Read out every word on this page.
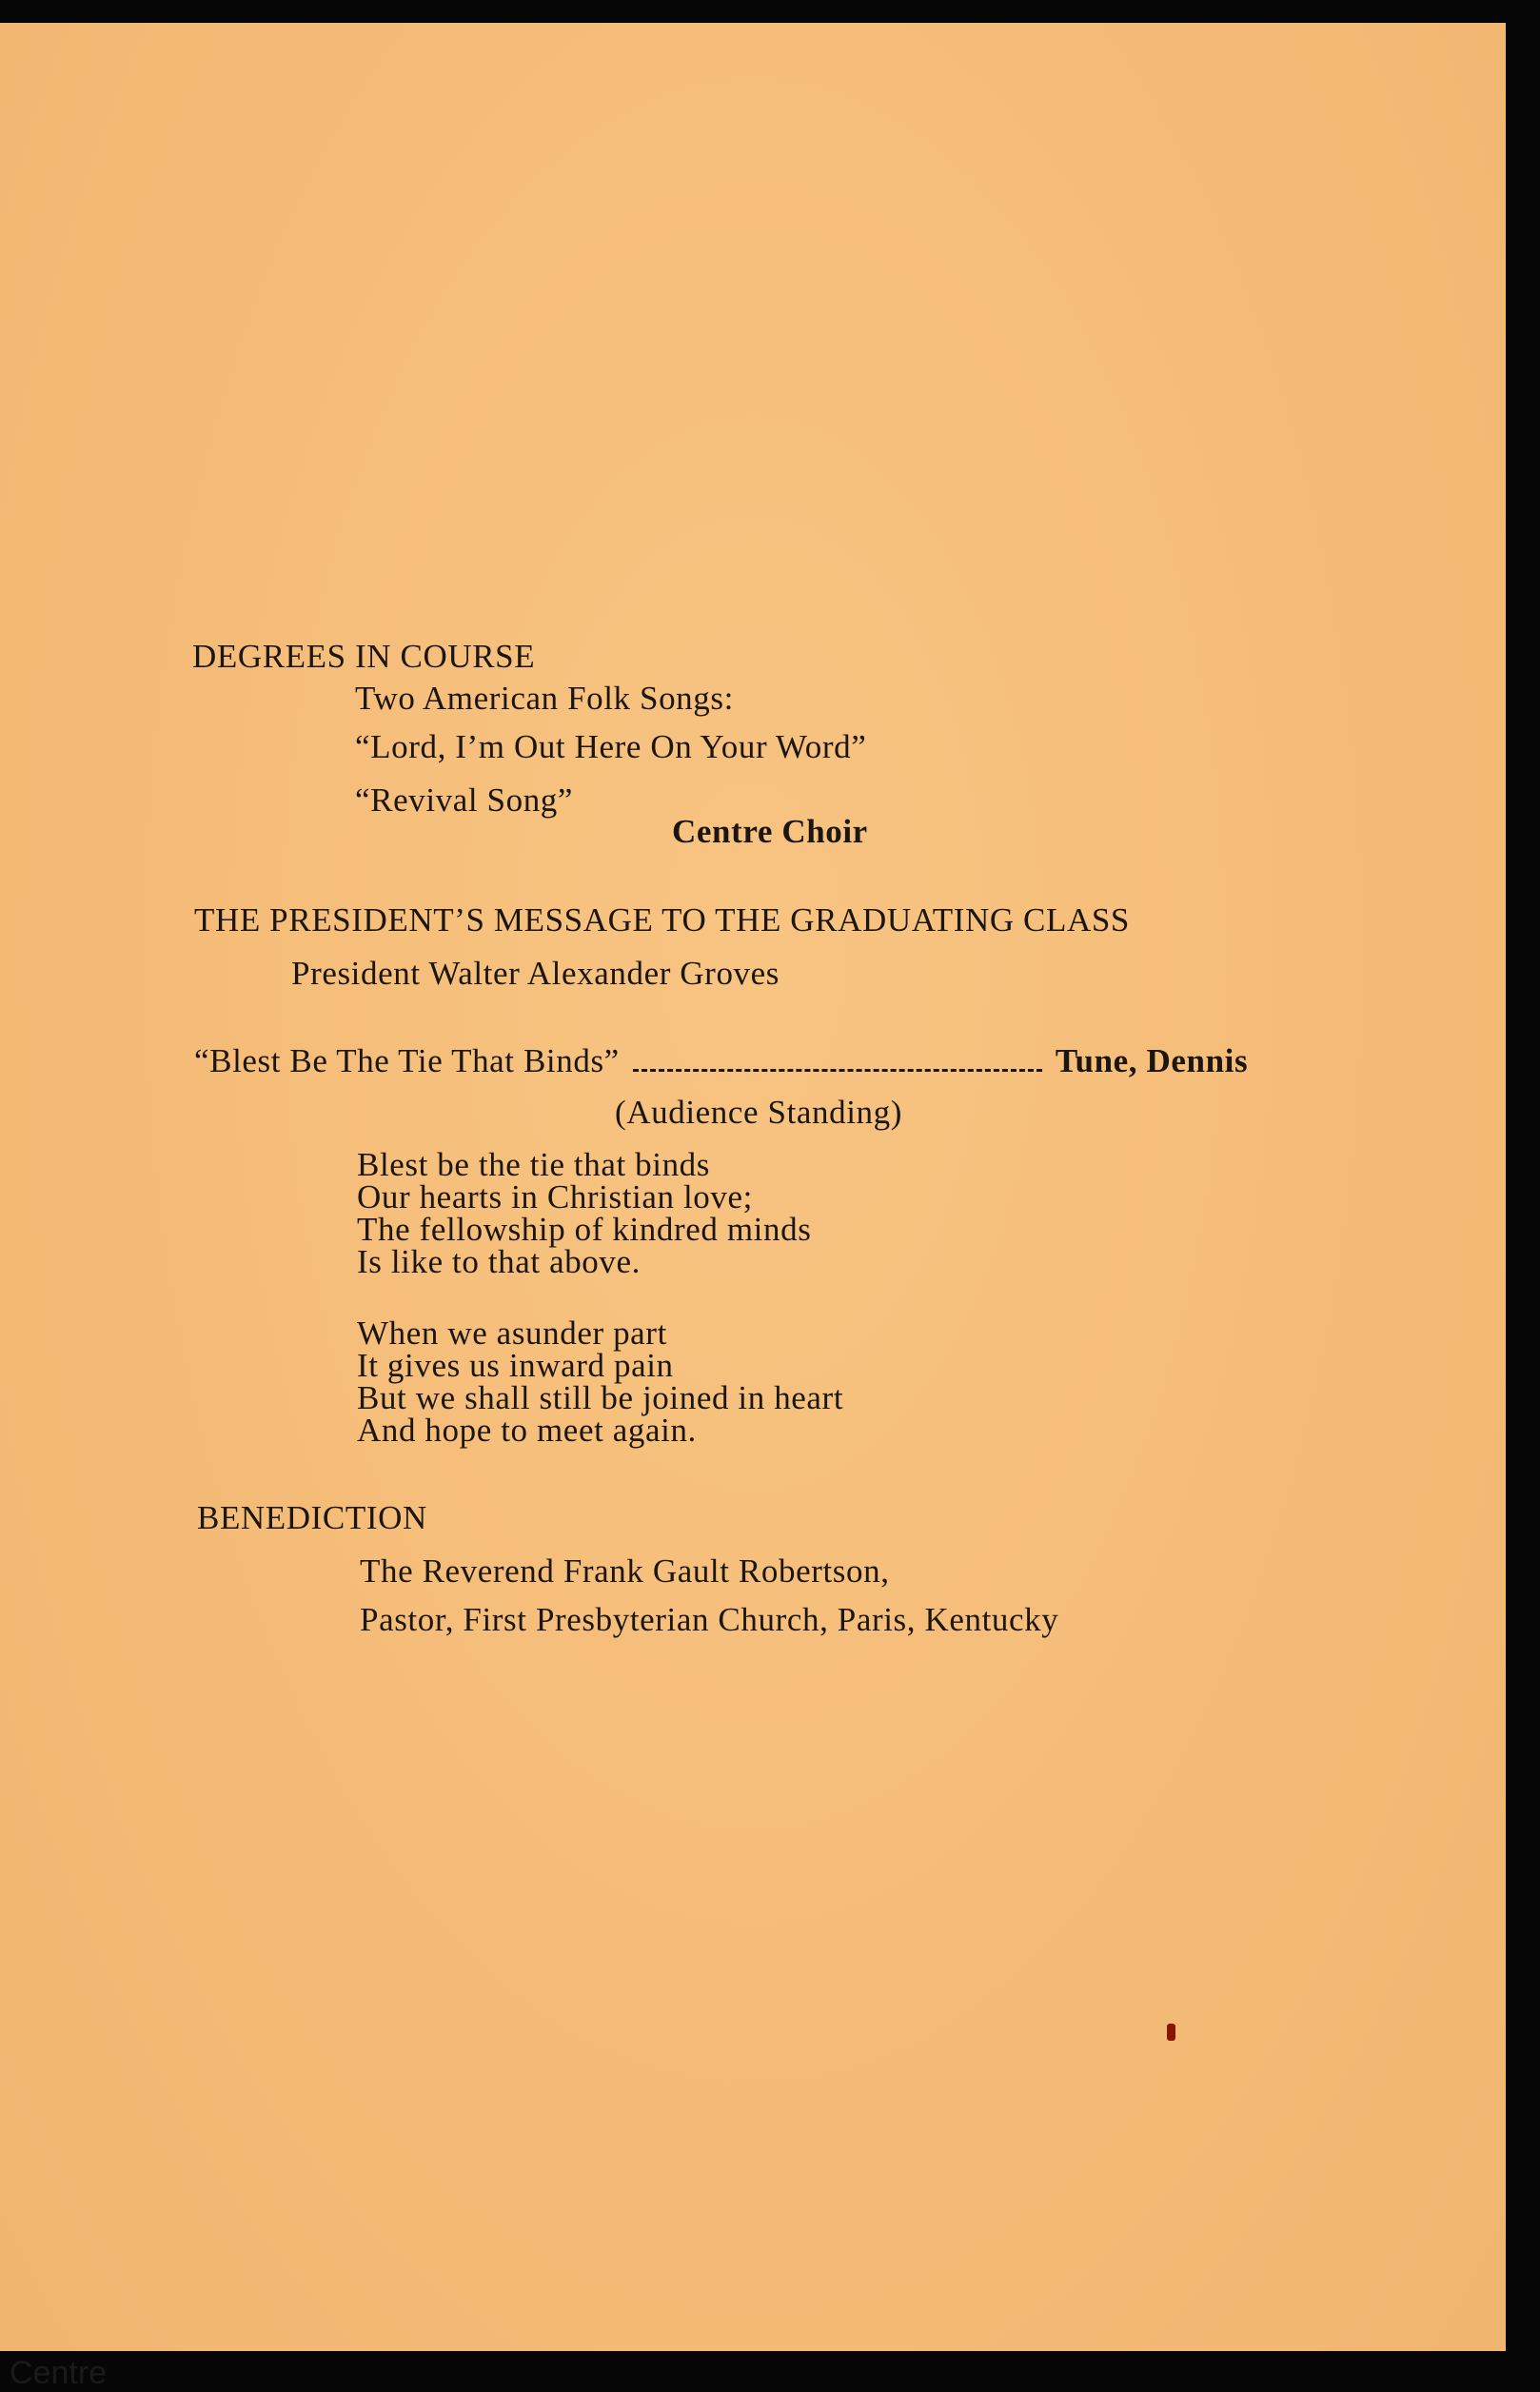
DEGREES IN COURSE
Two American Folk Songs:
“Lord, I’m Out Here On Your Word”
“Revival Song”
Centre Choir
THE PRESIDENT’S MESSAGE TO THE GRADUATING CLASS
President Walter Alexander Groves
“Blest Be The Tie That Binds”	Tune, Dennis
(Audience Standing)
Blest be the tie that binds
Our hearts in Christian love;
The fellowship of kindred minds
Is like to that above.
When we asunder part
It gives us inward pain
But we shall still be joined in heart
And hope to meet again.
BENEDICTION
The Reverend Frank Gault Robertson,
Pastor, First Presbyterian Church, Paris, Kentucky
Centre
